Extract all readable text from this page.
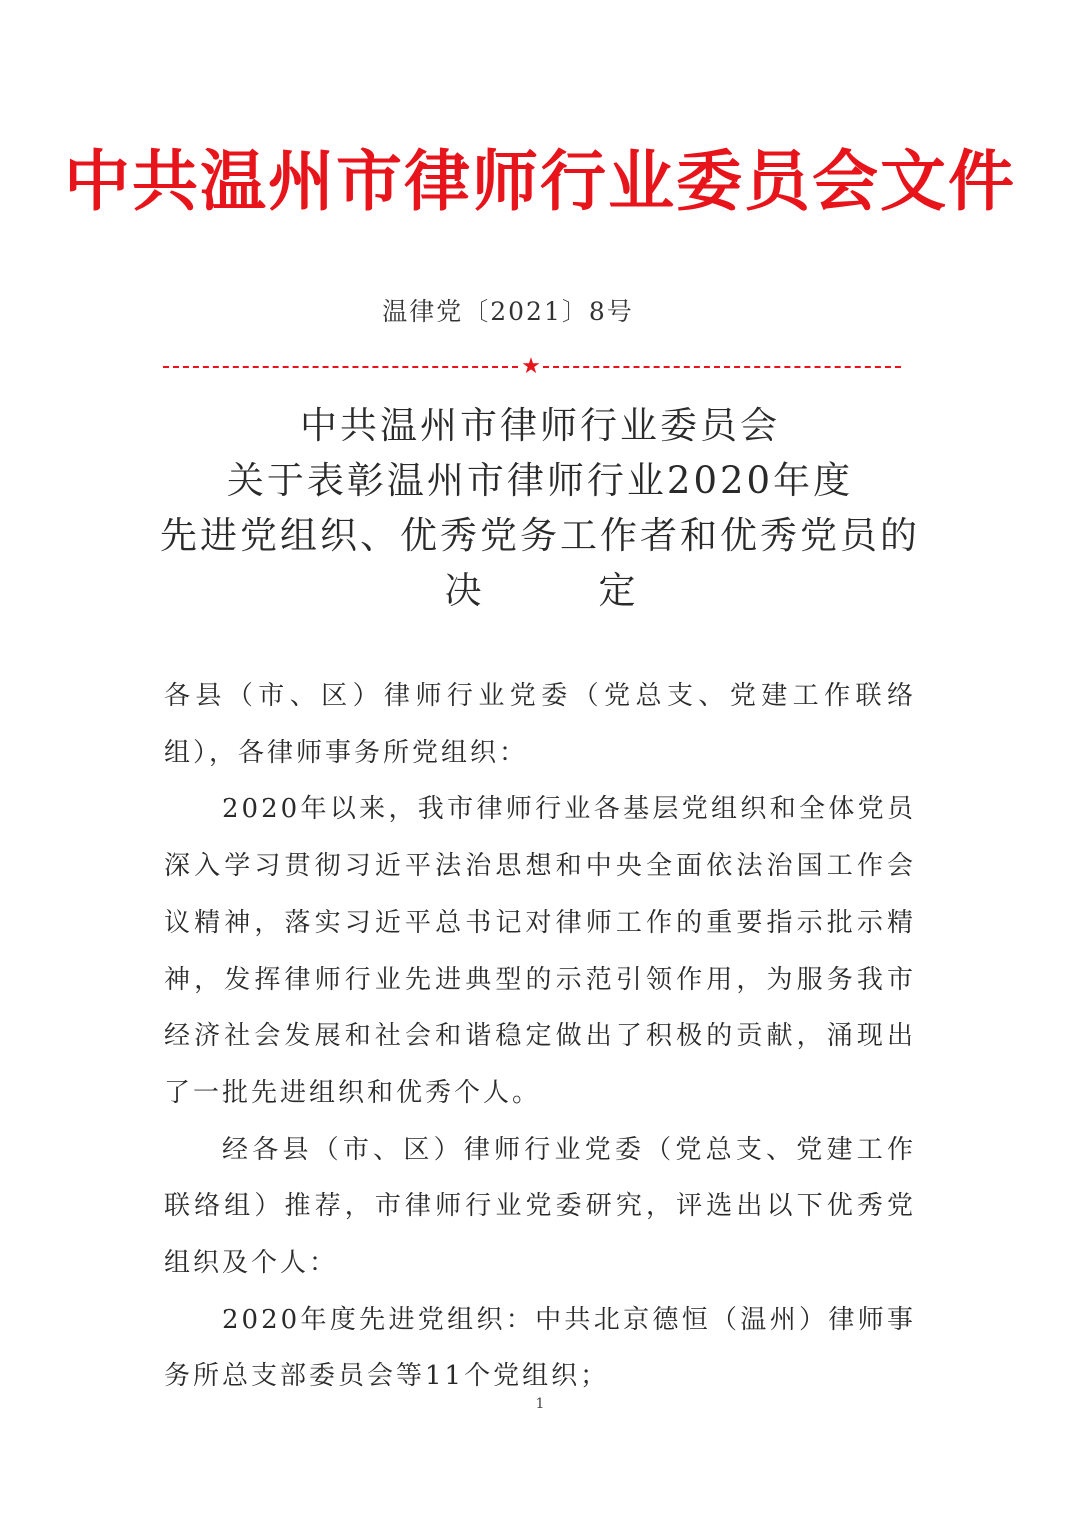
中共温州市律师行业委员会文件
温律党〔2021〕8号
★
中共温州市律师行业委员会
关于表彰温州市律师行业2020年度
先进党组织、优秀党务工作者和优秀党员的
决　定

各县（市、区）律师行业党委（党总支、党建工作联络组），各律师事务所党组织：

2020年以来，我市律师行业各基层党组织和全体党员深入学习贯彻习近平法治思想和中央全面依法治国工作会议精神，落实习近平总书记对律师工作的重要指示批示精神，发挥律师行业先进典型的示范引领作用，为服务我市经济社会发展和社会和谐稳定做出了积极的贡献，涌现出了一批先进组织和优秀个人。

经各县（市、区）律师行业党委（党总支、党建工作联络组）推荐，市律师行业党委研究，评选出以下优秀党组织及个人：

2020年度先进党组织：中共北京德恒（温州）律师事务所总支部委员会等11个党组织；

1
